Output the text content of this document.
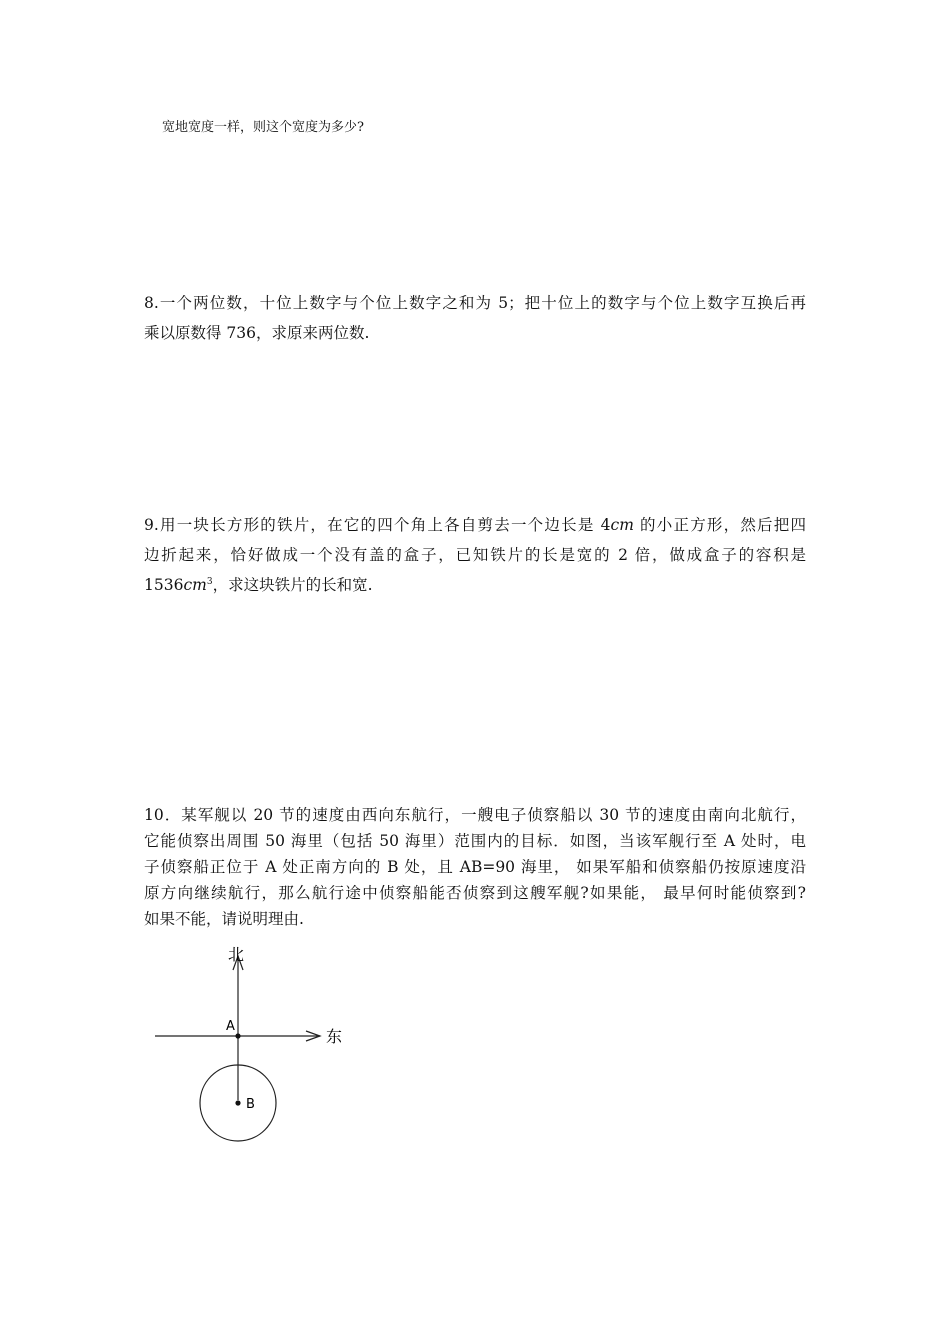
宽地宽度一样，则这个宽度为多少?
8.一个两位数，十位上数字与个位上数字之和为 5；把十位上的数字与个位上数字互换后再
乘以原数得 736，求原来两位数.
9.用一块长方形的铁片，在它的四个角上各自剪去一个边长是 4cm 的小正方形，然后把四
边折起来，恰好做成一个没有盖的盒子，已知铁片的长是宽的 2 倍，做成盒子的容积是
$1536cm^3$，求这块铁片的长和宽.
10．某军舰以 20 节的速度由西向东航行，一艘电子侦察船以 30 节的速度由南向北航行，
它能侦察出周围 50 海里（包括 50 海里）范围内的目标．如图，当该军舰行至 A 处时，电
子侦察船正位于 A 处正南方向的 B 处，且 AB=90 海里， 如果军船和侦察船仍按原速度沿
原方向继续航行，那么航行途中侦察船能否侦察到这艘军舰?如果能， 最早何时能侦察到?
如果不能，请说明理由.
北
东
A
B
